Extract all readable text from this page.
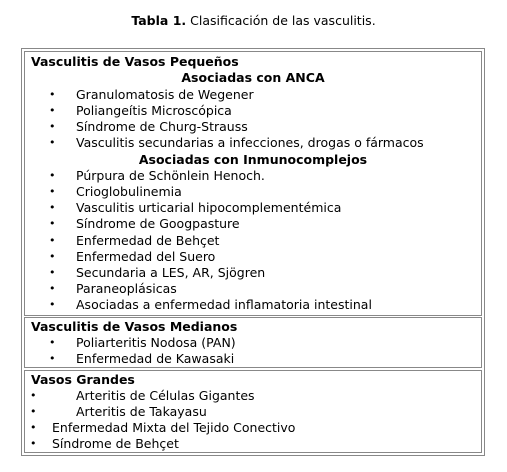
Tabla 1. Clasificación de las vasculitis.
Vasculitis de Vasos Pequeños
Asociadas con ANCA
• Granulomatosis de Wegener
• Poliangeítis Microscópica
• Síndrome de Churg-Strauss
• Vasculitis secundarias a infecciones, drogas o fármacos
Asociadas con Inmunocomplejos
• Púrpura de Schönlein Henoch.
• Crioglobulinemia
• Vasculitis urticarial hipocomplementémica
• Síndrome de Googpasture
• Enfermedad de Behçet
• Enfermedad del Suero
• Secundaria a LES, AR, Sjögren
• Paraneoplásicas
• Asociadas a enfermedad inflamatoria intestinal
Vasculitis de Vasos Medianos
• Poliarteritis Nodosa (PAN)
• Enfermedad de Kawasaki
Vasos Grandes
•	Arteritis de Células Gigantes
•	Arteritis de Takayasu
• Enfermedad Mixta del Tejido Conectivo
• Síndrome de Behçet
